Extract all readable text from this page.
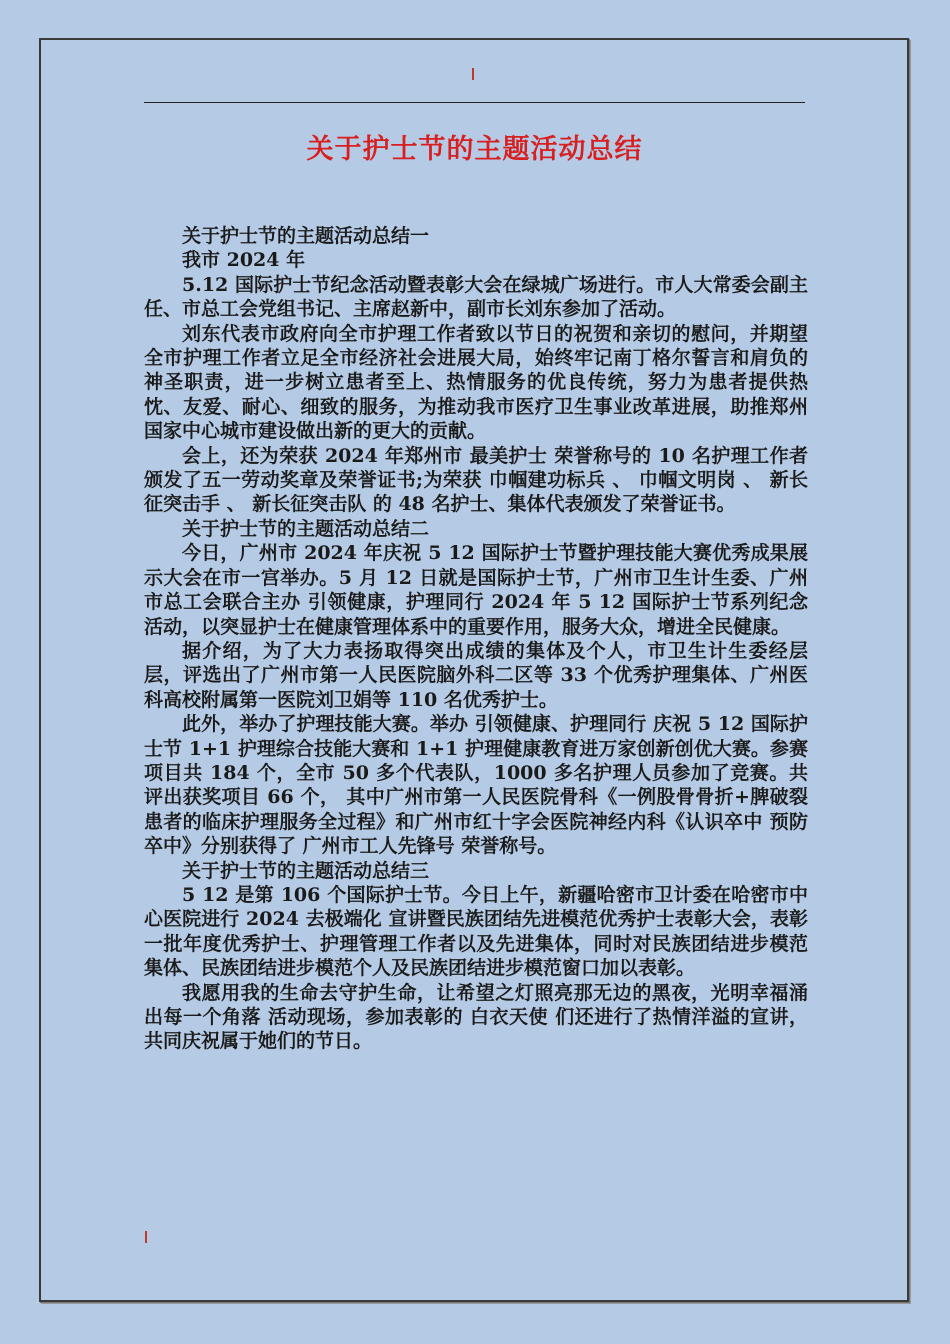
关于护士节的主题活动总结

关于护士节的主题活动总结一

我市 2024 年

5.12 国际护士节纪念活动暨表彰大会在绿城广场进行。市人大常委会副主任、市总工会党组书记、主席赵新中，副市长刘东参加了活动。

刘东代表市政府向全市护理工作者致以节日的祝贺和亲切的慰问，并期望全市护理工作者立足全市经济社会进展大局，始终牢记南丁格尔誓言和肩负的神圣职责，进一步树立患者至上、热情服务的优良传统，努力为患者提供热忱、友爱、耐心、细致的服务，为推动我市医疗卫生事业改革进展，助推郑州国家中心城市建设做出新的更大的贡献。

会上，还为荣获 2024 年郑州市 最美护士 荣誉称号的 10 名护理工作者颁发了五一劳动奖章及荣誉证书;为荣获 巾帼建功标兵 、 巾帼文明岗 、 新长征突击手 、 新长征突击队 的 48 名护士、集体代表颁发了荣誉证书。

关于护士节的主题活动总结二

今日，广州市 2024 年庆祝 5 12 国际护士节暨护理技能大赛优秀成果展示大会在市一宫举办。5 月 12 日就是国际护士节，广州市卫生计生委、广州市总工会联合主办 引领健康，护理同行 2024 年 5 12 国际护士节系列纪念活动，以突显护士在健康管理体系中的重要作用，服务大众，增进全民健康。

据介绍，为了大力表扬取得突出成绩的集体及个人，市卫生计生委经层层，评选出了广州市第一人民医院脑外科二区等 33 个优秀护理集体、广州医科高校附属第一医院刘卫娟等 110 名优秀护士。

此外，举办了护理技能大赛。举办 引领健康、护理同行 庆祝 5 12 国际护士节 1+1 护理综合技能大赛和 1+1 护理健康教育进万家创新创优大赛。参赛项目共 184 个，全市 50 多个代表队，1000 多名护理人员参加了竞赛。共评出获奖项目 66 个， 其中广州市第一人民医院骨科《一例股骨骨折+脾破裂患者的临床护理服务全过程》和广州市红十字会医院神经内科《认识卒中 预防卒中》分别获得了 广州市工人先锋号 荣誉称号。

关于护士节的主题活动总结三

5 12 是第 106 个国际护士节。今日上午，新疆哈密市卫计委在哈密市中心医院进行 2024 去极端化 宣讲暨民族团结先进模范优秀护士表彰大会，表彰一批年度优秀护士、护理管理工作者以及先进集体，同时对民族团结进步模范集体、民族团结进步模范个人及民族团结进步模范窗口加以表彰。

我愿用我的生命去守护生命，让希望之灯照亮那无边的黑夜，光明幸福涌出每一个角落 活动现场，参加表彰的 白衣天使 们还进行了热情洋溢的宣讲，共同庆祝属于她们的节日。
